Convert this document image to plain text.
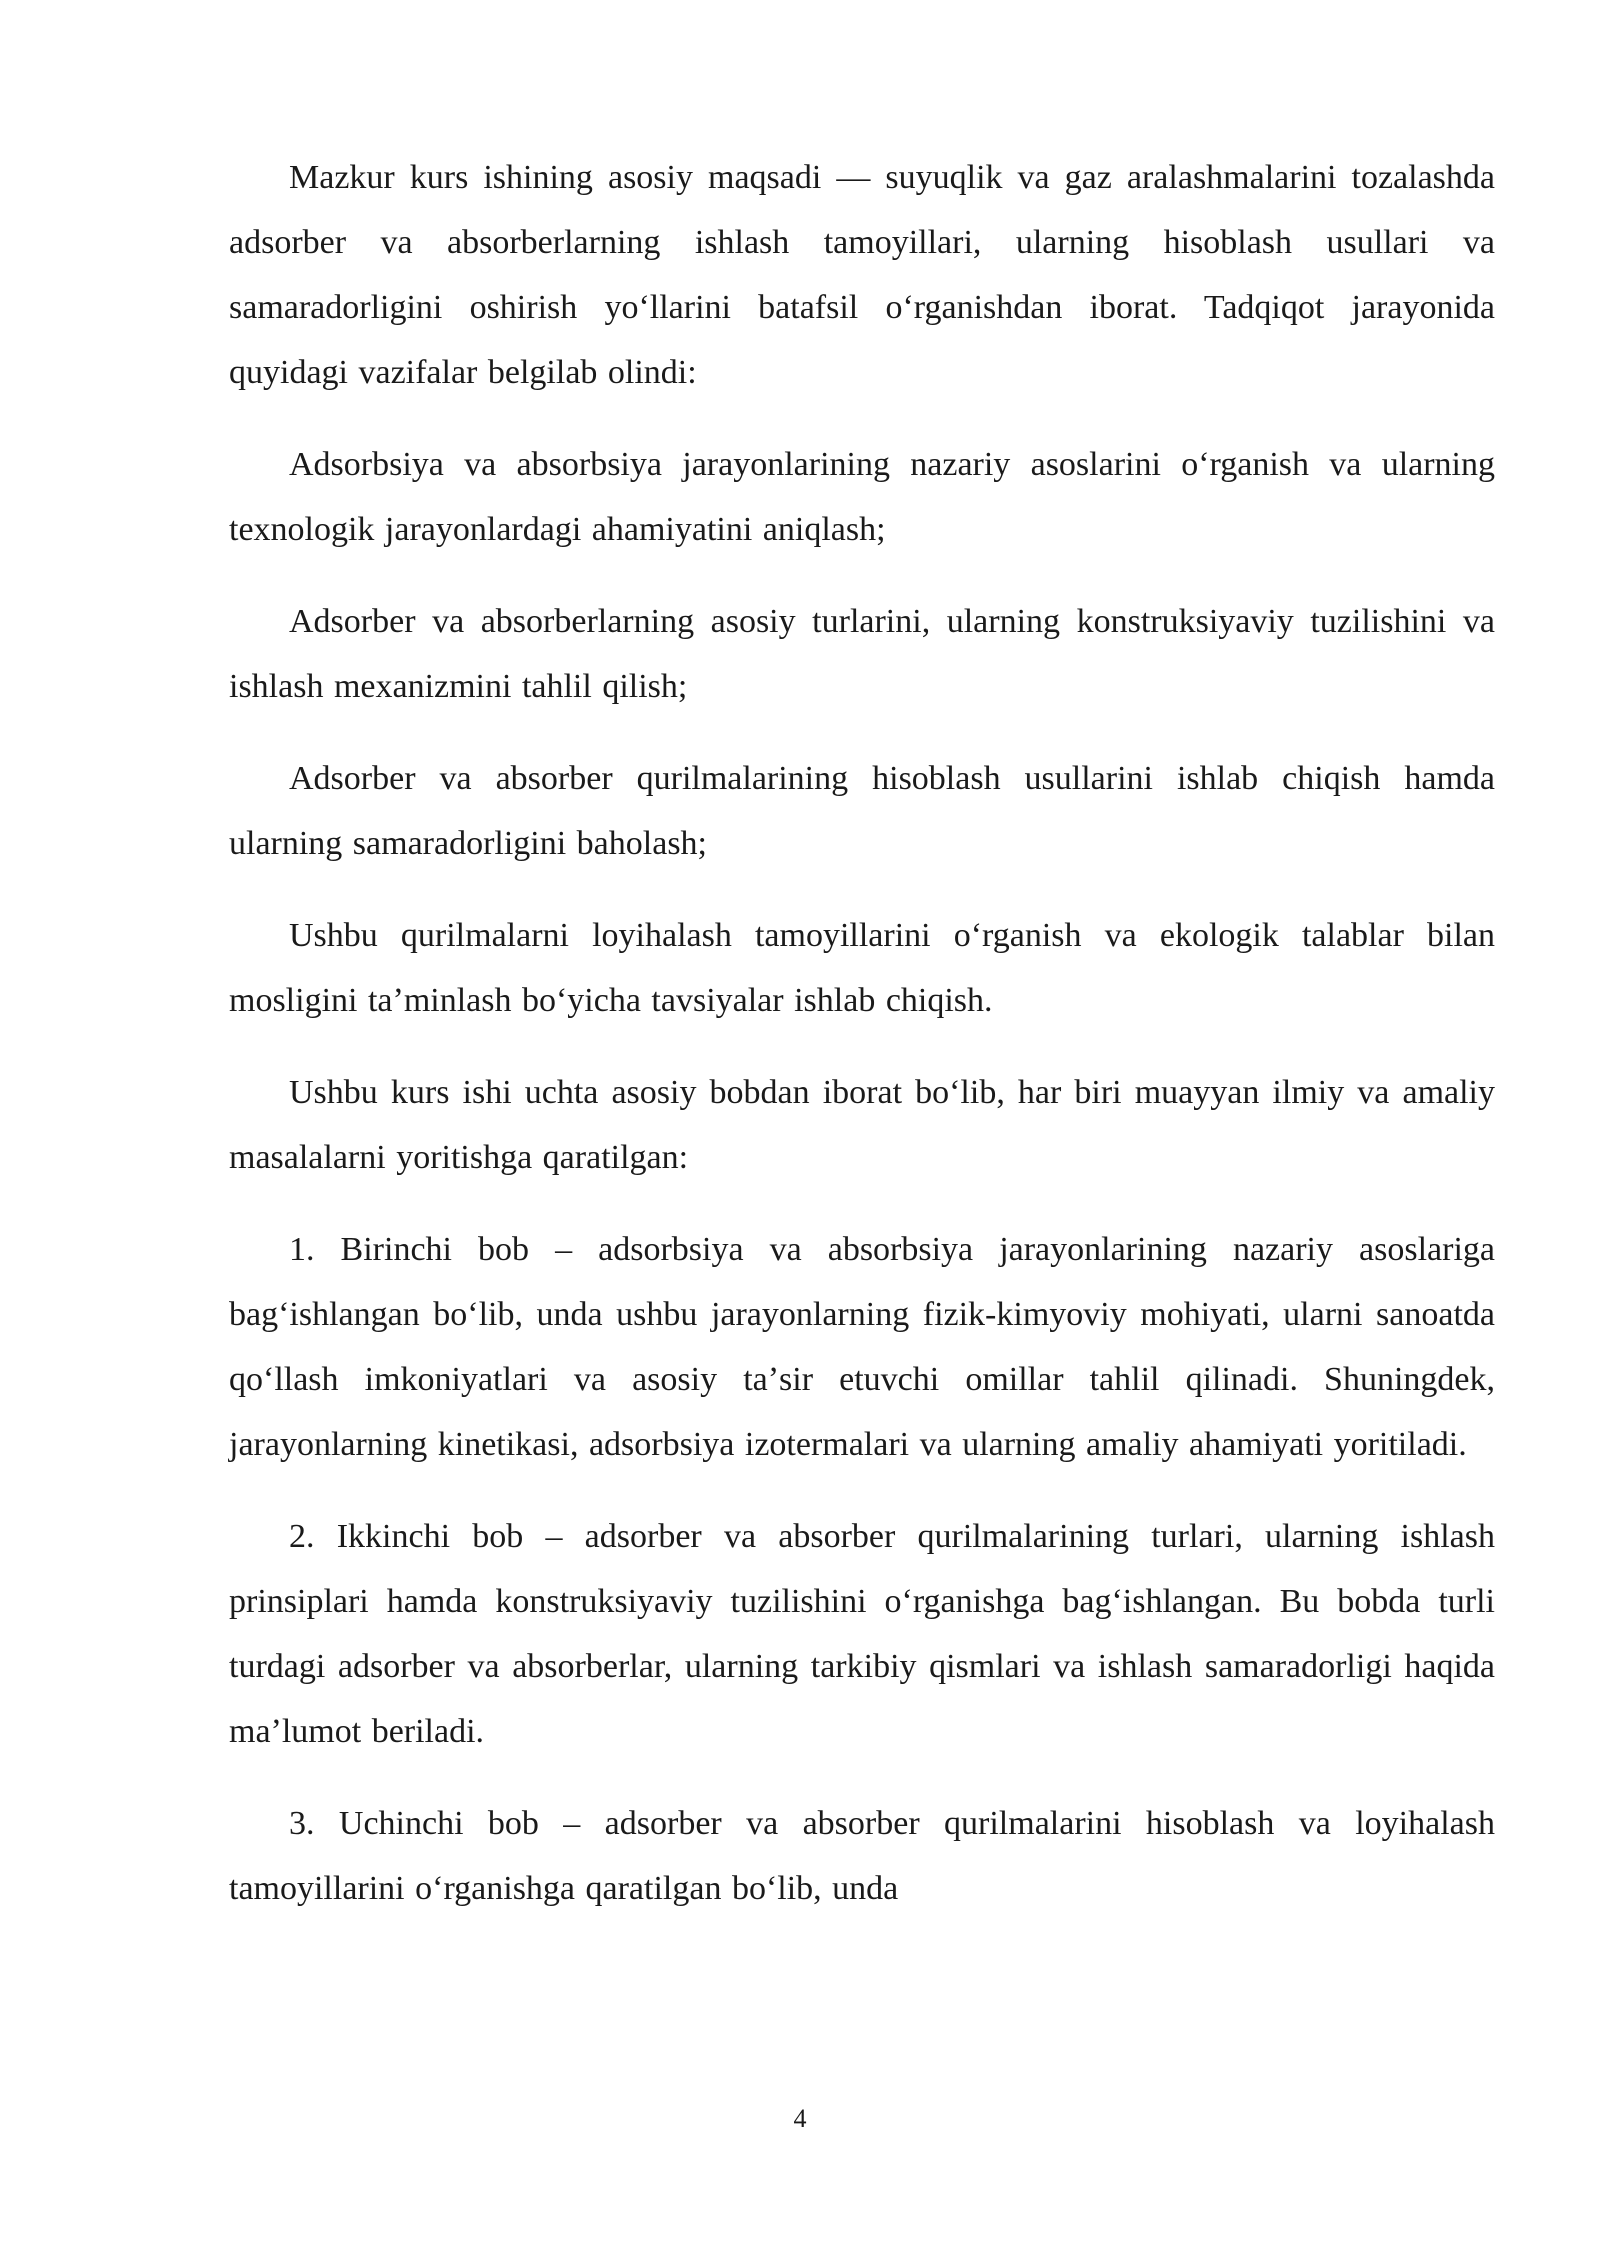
Mazkur kurs ishining asosiy maqsadi — suyuqlik va gaz aralashmalarini tozalashda adsorber va absorberlarning ishlash tamoyillari, ularning hisoblash usullari va samaradorligini oshirish yoʻllarini batafsil oʻrganishdan iborat. Tadqiqot jarayonida quyidagi vazifalar belgilab olindi:

Adsorbsiya va absorbsiya jarayonlarining nazariy asoslarini oʻrganish va ularning texnologik jarayonlardagi ahamiyatini aniqlash;

Adsorber va absorberlarning asosiy turlarini, ularning konstruksiyaviy tuzilishini va ishlash mexanizmini tahlil qilish;

Adsorber va absorber qurilmalarining hisoblash usullarini ishlab chiqish hamda ularning samaradorligini baholash;

Ushbu qurilmalarni loyihalash tamoyillarini oʻrganish va ekologik talablar bilan mosligini taʼminlash boʻyicha tavsiyalar ishlab chiqish.

Ushbu kurs ishi uchta asosiy bobdan iborat boʻlib, har biri muayyan ilmiy va amaliy masalalarni yoritishga qaratilgan:

1. Birinchi bob – adsorbsiya va absorbsiya jarayonlarining nazariy asoslariga bagʻishlangan boʻlib, unda ushbu jarayonlarning fizik-kimyoviy mohiyati, ularni sanoatda qoʻllash imkoniyatlari va asosiy taʼsir etuvchi omillar tahlil qilinadi. Shuningdek, jarayonlarning kinetikasi, adsorbsiya izotermalari va ularning amaliy ahamiyati yoritiladi.

2. Ikkinchi bob – adsorber va absorber qurilmalarining turlari, ularning ishlash prinsiplari hamda konstruksiyaviy tuzilishini oʻrganishga bagʻishlangan. Bu bobda turli turdagi adsorber va absorberlar, ularning tarkibiy qismlari va ishlash samaradorligi haqida maʼlumot beriladi.

3. Uchinchi bob – adsorber va absorber qurilmalarini hisoblash va loyihalash tamoyillarini oʻrganishga qaratilgan boʻlib, unda

4
